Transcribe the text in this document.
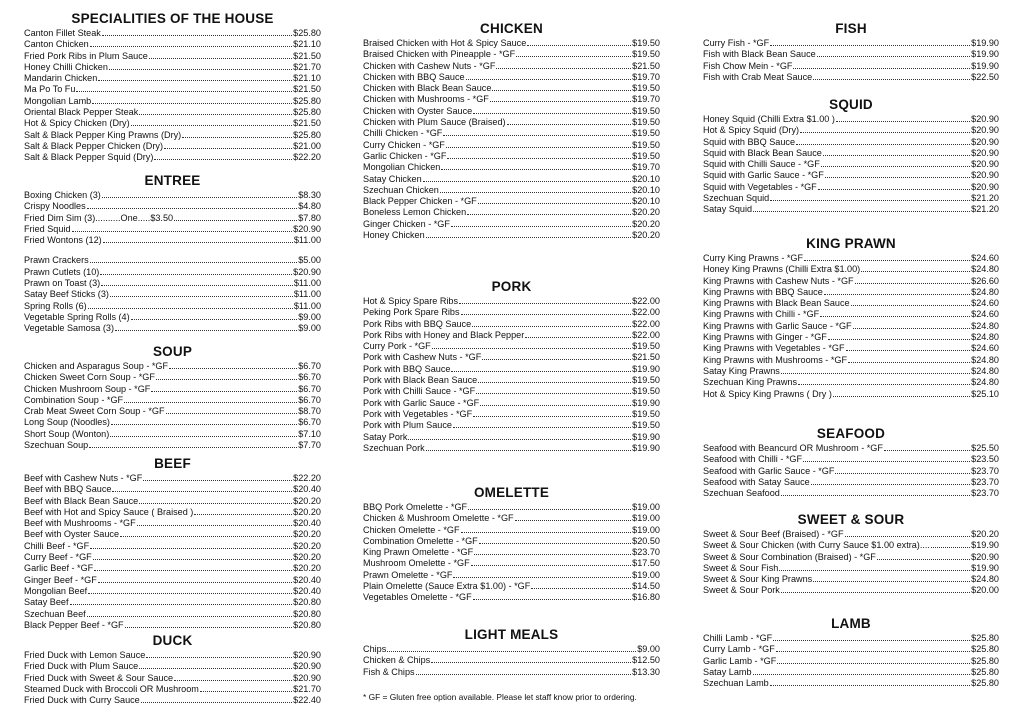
SPECIALITIES OF THE HOUSE
Canton Fillet Steak	$25.80
Canton Chicken	$21.10
Fried Pork Ribs in Plum Sauce	$21.50
Honey Chilli Chicken	$21.70
Mandarin Chicken	$21.10
Ma Po To Fu	$21.50
Mongolian Lamb	$25.80
Oriental Black Pepper Steak	$25.80
Hot & Spicy Chicken (Dry)	$21.50
Salt & Black Pepper King Prawns (Dry)	$25.80
Salt & Black Pepper Chicken (Dry)	$21.00
Salt & Black Pepper Squid (Dry)	$22.20
ENTREE
Boxing Chicken (3)	$8.30
Crispy Noodles	$4.80
Fried Dim Sim (3)..........One.....$3.50	$7.80
Fried Squid	$20.90
Fried Wontons (12)	$11.00
Prawn Crackers	$5.00
Prawn Cutlets (10)	$20.90
Prawn on Toast (3)	$11.00
Satay Beef Sticks (3)	$11.00
Spring Rolls (6)	$11.00
Vegetable Spring Rolls (4)	$9.00
Vegetable Samosa (3)	$9.00
SOUP
Chicken and Asparagus Soup - *GF	$6.70
Chicken Sweet Corn Soup - *GF	$6.70
Chicken Mushroom Soup - *GF	$6.70
Combination Soup - *GF	$6.70
Crab Meat Sweet Corn Soup - *GF	$8.70
Long Soup (Noodles)	$6.70
Short Soup (Wonton)	$7.10
Szechuan Soup	$7.70
BEEF
Beef with Cashew Nuts - *GF	$22.20
Beef with BBQ Sauce	$20.40
Beef with Black Bean Sauce	$20.20
Beef with Hot and Spicy Sauce ( Braised )	$20.20
Beef with Mushrooms - *GF	$20.40
Beef with Oyster Sauce	$20.20
Chilli Beef - *GF	$20.20
Curry Beef - *GF	$20.20
Garlic Beef - *GF	$20.20
Ginger Beef - *GF	$20.40
Mongolian Beef	$20.40
Satay Beef	$20.80
Szechuan Beef	$20.80
Black Pepper Beef - *GF	$20.80
DUCK
Fried Duck with Lemon Sauce	$20.90
Fried Duck with Plum Sauce	$20.90
Fried Duck with Sweet & Sour Sauce	$20.90
Steamed Duck with Broccoli OR Mushroom	$21.70
Fried Duck with Curry Sauce	$22.40
CHICKEN
Braised Chicken with Hot & Spicy Sauce	$19.50
Braised Chicken with Pineapple - *GF	$19.50
Chicken with Cashew Nuts - *GF	$21.50
Chicken with BBQ Sauce	$19.70
Chicken with Black Bean Sauce	$19.50
Chicken with Mushrooms - *GF	$19.70
Chicken with Oyster Sauce	$19.50
Chicken with Plum Sauce (Braised)	$19.50
Chilli Chicken - *GF	$19.50
Curry Chicken - *GF	$19.50
Garlic Chicken - *GF	$19.50
Mongolian Chicken	$19.70
Satay Chicken	$20.10
Szechuan Chicken	$20.10
Black Pepper Chicken - *GF	$20.10
Boneless Lemon Chicken	$20.20
Ginger Chicken - *GF	$20.20
Honey Chicken	$20.20
PORK
Hot & Spicy Spare Ribs	$22.00
Peking Pork Spare Ribs	$22.00
Pork Ribs with BBQ Sauce	$22.00
Pork Ribs with Honey and Black Pepper	$22.00
Curry Pork - *GF	$19.50
Pork with Cashew Nuts - *GF	$21.50
Pork with BBQ Sauce	$19.90
Pork with Black Bean Sauce	$19.50
Pork with Chilli Sauce - *GF	$19.50
Pork with Garlic Sauce - *GF	$19.90
Pork with Vegetables - *GF	$19.50
Pork with Plum Sauce	$19.50
Satay Pork	$19.90
Szechuan Pork	$19.90
OMELETTE
BBQ Pork Omelette - *GF	$19.00
Chicken & Mushroom Omelette - *GF	$19.00
Chicken Omelette - *GF	$19.00
Combination Omelette - *GF	$20.50
King Prawn Omelette - *GF	$23.70
Mushroom Omelette - *GF	$17.50
Prawn Omelette - *GF	$19.00
Plain Omelette (Sauce Extra $1.00) - *GF	$14.50
Vegetables Omelette - *GF	$16.80
LIGHT MEALS
Chips	$9.00
Chicken & Chips	$12.50
Fish & Chips	$13.30
FISH
Curry Fish - *GF	$19.90
Fish with Black Bean Sauce	$19.90
Fish Chow Mein - *GF	$19.90
Fish with Crab Meat Sauce	$22.50
SQUID
Honey Squid (Chilli Extra $1.00 )	$20.90
Hot & Spicy Squid (Dry)	$20.90
Squid with BBQ Sauce	$20.90
Squid with Black Bean Sauce	$20.90
Squid with Chilli Sauce - *GF	$20.90
Squid with Garlic Sauce - *GF	$20.90
Squid with Vegetables - *GF	$20.90
Szechuan Squid	$21.20
Satay Squid	$21.20
KING PRAWN
Curry King Prawns - *GF	$24.60
Honey King Prawns (Chilli Extra $1.00)	$24.80
King Prawns with Cashew Nuts - *GF	$26.60
King Prawns with BBQ Sauce	$24.80
King Prawns with Black Bean Sauce	$24.60
King Prawns with Chilli - *GF	$24.60
King Prawns with Garlic Sauce - *GF	$24.80
King Prawns with Ginger - *GF	$24.80
King Prawns with Vegetables - *GF	$24.60
King Prawns with Mushrooms - *GF	$24.80
Satay King Prawns	$24.80
Szechuan King Prawns	$24.80
Hot & Spicy King Prawns ( Dry )	$25.10
SEAFOOD
Seafood with Beancurd OR Mushroom - *GF	$25.50
Seafood with Chilli - *GF	$23.50
Seafood with Garlic Sauce - *GF	$23.70
Seafood with Satay Sauce	$23.70
Szechuan Seafood	$23.70
SWEET & SOUR
Sweet & Sour Beef (Braised) - *GF	$20.20
Sweet & Sour Chicken (with Curry Sauce $1.00 extra)....	$19.90
Sweet & Sour Combination (Braised) - *GF	$20.90
Sweet & Sour Fish	$19.90
Sweet & Sour King Prawns	$24.80
Sweet & Sour Pork	$20.00
LAMB
Chilli Lamb - *GF	$25.80
Curry Lamb - *GF	$25.80
Garlic Lamb - *GF	$25.80
Satay Lamb	$25.80
Szechuan Lamb	$25.80
* GF = Gluten free option available. Please let staff know prior to ordering.
